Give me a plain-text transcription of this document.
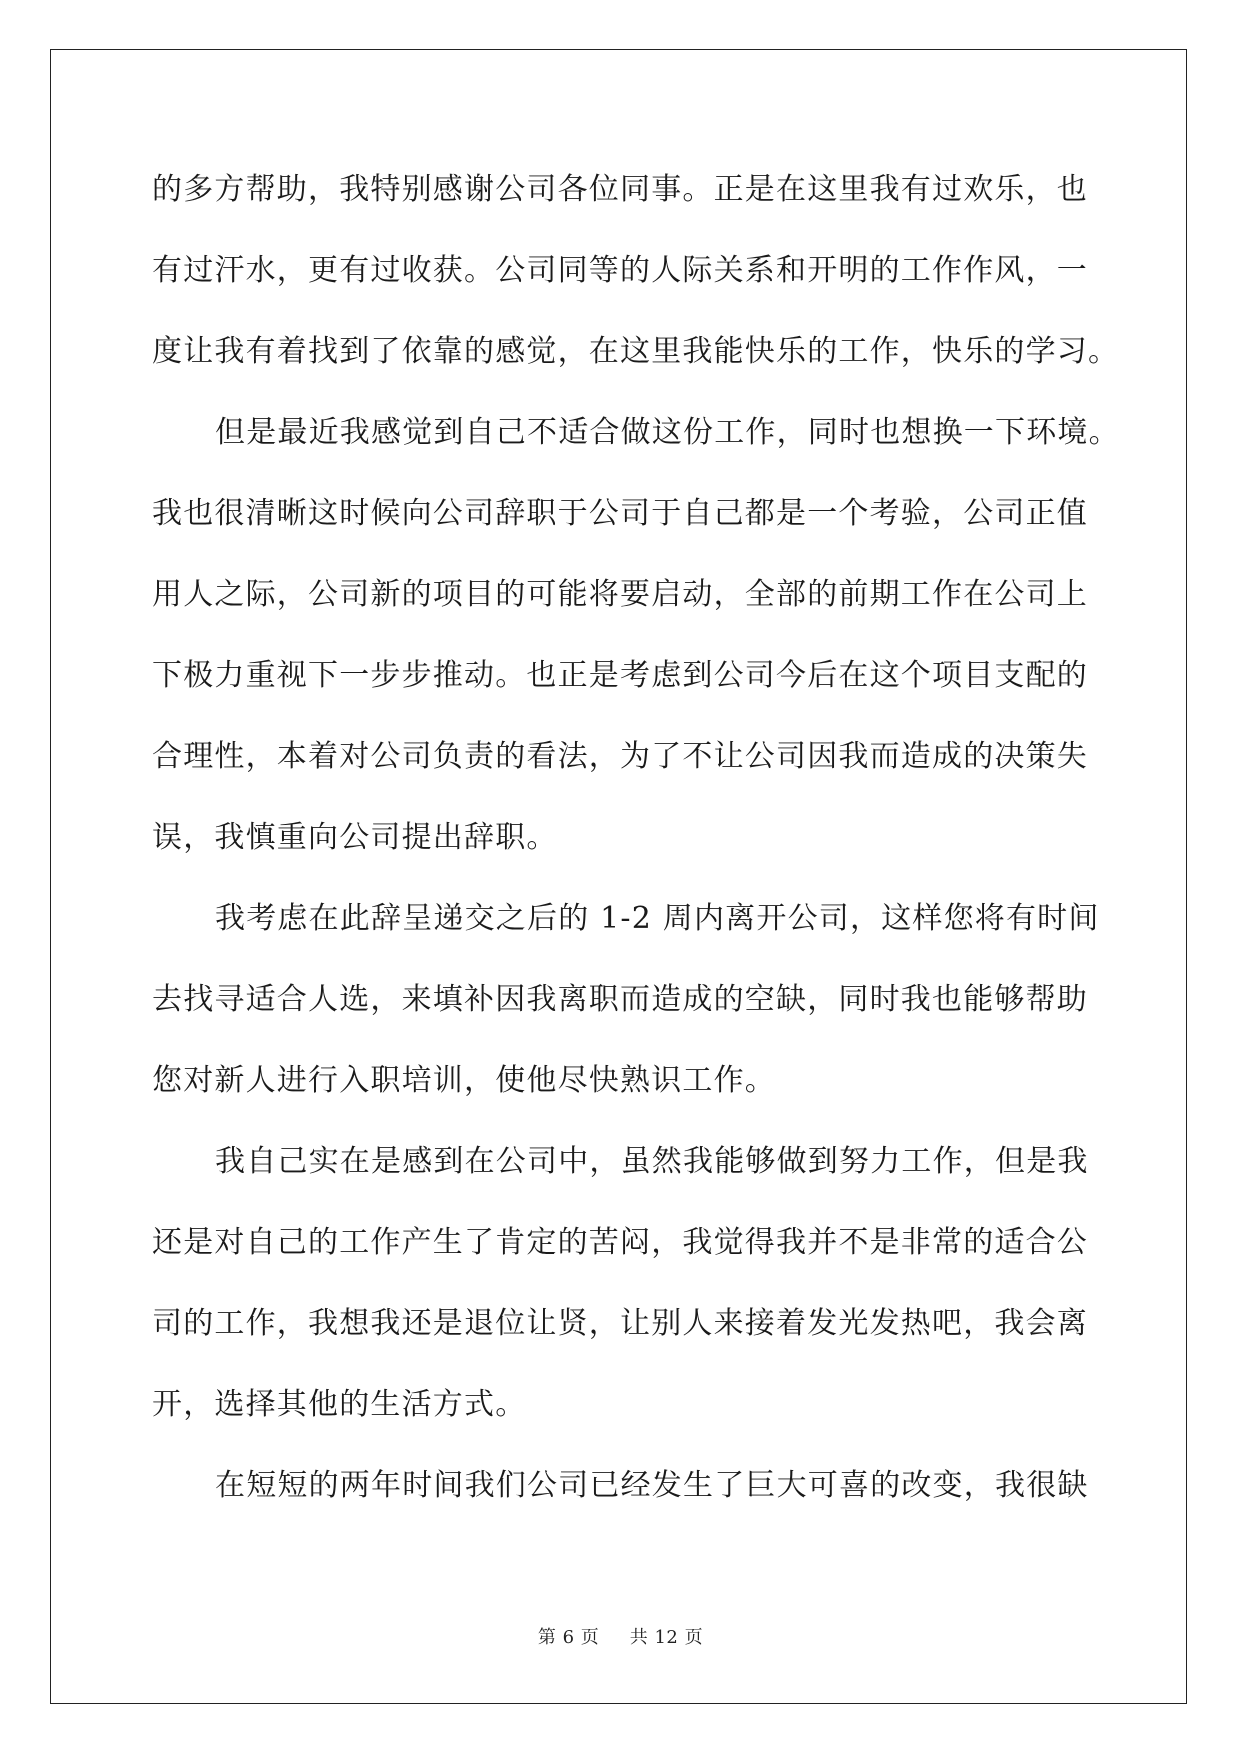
的多方帮助，我特别感谢公司各位同事。正是在这里我有过欢乐，也
有过汗水，更有过收获。公司同等的人际关系和开明的工作作风，一
度让我有着找到了依靠的感觉，在这里我能快乐的工作，快乐的学习。
但是最近我感觉到自己不适合做这份工作，同时也想换一下环境。
我也很清晰这时候向公司辞职于公司于自己都是一个考验，公司正值
用人之际，公司新的项目的可能将要启动，全部的前期工作在公司上
下极力重视下一步步推动。也正是考虑到公司今后在这个项目支配的
合理性，本着对公司负责的看法，为了不让公司因我而造成的决策失
误，我慎重向公司提出辞职。
我考虑在此辞呈递交之后的 1-2 周内离开公司，这样您将有时间
去找寻适合人选，来填补因我离职而造成的空缺，同时我也能够帮助
您对新人进行入职培训，使他尽快熟识工作。
我自己实在是感到在公司中，虽然我能够做到努力工作，但是我
还是对自己的工作产生了肯定的苦闷，我觉得我并不是非常的适合公
司的工作，我想我还是退位让贤，让别人来接着发光发热吧，我会离
开，选择其他的生活方式。
在短短的两年时间我们公司已经发生了巨大可喜的改变，我很缺
第 6 页 共 12 页
